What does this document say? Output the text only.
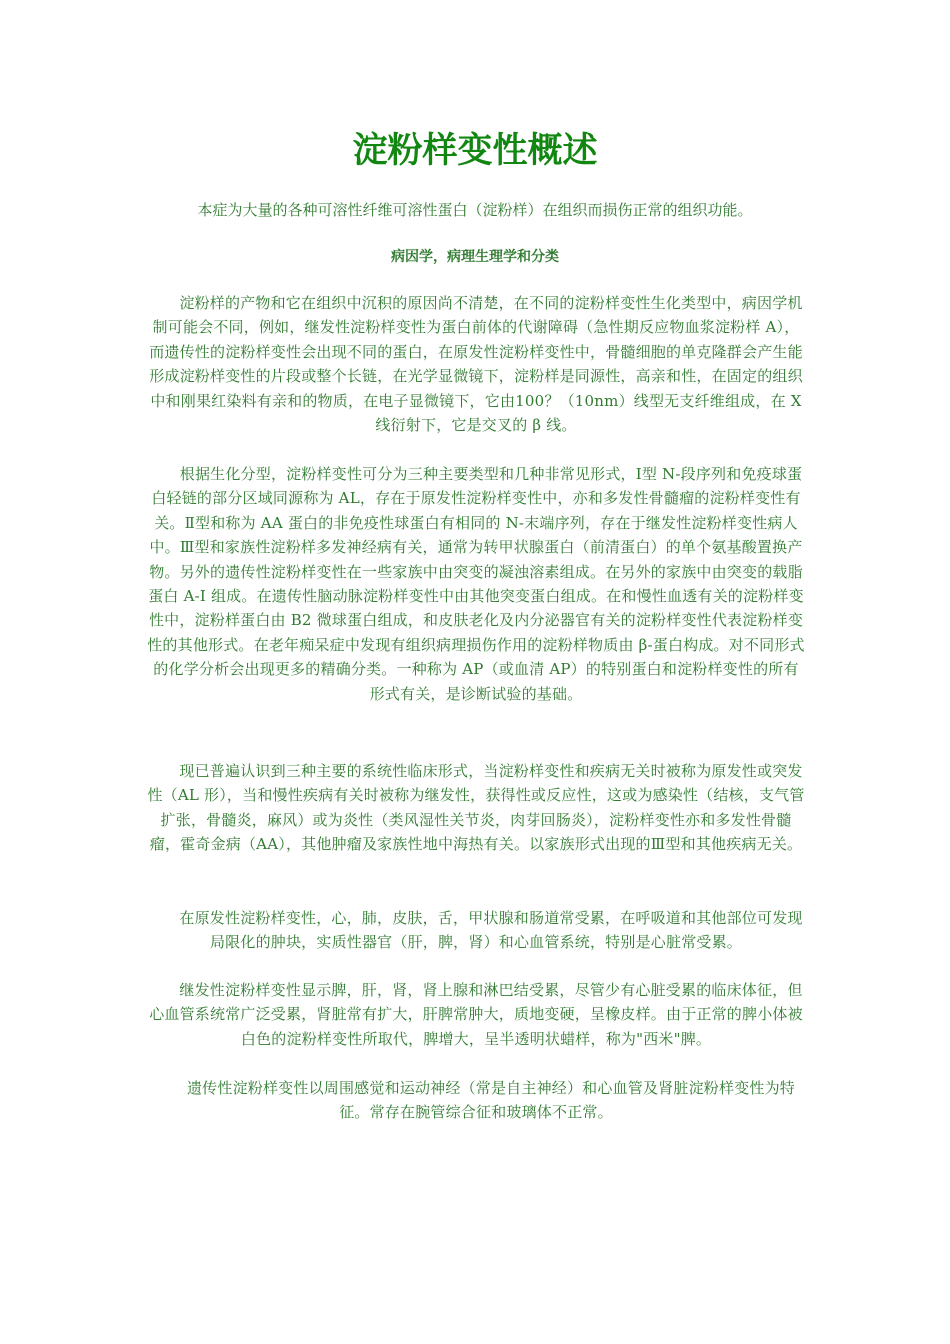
淀粉样变性概述

本症为大量的各种可溶性纤维可溶性蛋白（淀粉样）在组织而损伤正常的组织功能。

病因学，病理生理学和分类

淀粉样的产物和它在组织中沉积的原因尚不清楚，在不同的淀粉样变性生化类型中，病因学机制可能会不同，例如，继发性淀粉样变性为蛋白前体的代谢障碍（急性期反应物血浆淀粉样 A），而遗传性的淀粉样变性会出现不同的蛋白，在原发性淀粉样变性中，骨髓细胞的单克隆群会产生能形成淀粉样变性的片段或整个长链，在光学显微镜下，淀粉样是同源性，高亲和性，在固定的组织中和刚果红染料有亲和的物质，在电子显微镜下，它由100？（10nm）线型无支纤维组成，在 X 线衍射下，它是交叉的 β 线。

根据生化分型，淀粉样变性可分为三种主要类型和几种非常见形式，Ⅰ型 N-段序列和免疫球蛋白轻链的部分区域同源称为 AL，存在于原发性淀粉样变性中，亦和多发性骨髓瘤的淀粉样变性有关。Ⅱ型和称为 AA 蛋白的非免疫性球蛋白有相同的 N-末端序列，存在于继发性淀粉样变性病人中。Ⅲ型和家族性淀粉样多发神经病有关，通常为转甲状腺蛋白（前清蛋白）的单个氨基酸置换产物。另外的遗传性淀粉样变性在一些家族中由突变的凝浊溶素组成。在另外的家族中由突变的载脂蛋白 A-I 组成。在遗传性脑动脉淀粉样变性中由其他突变蛋白组成。在和慢性血透有关的淀粉样变性中，淀粉样蛋白由 B2 微球蛋白组成，和皮肤老化及内分泌器官有关的淀粉样变性代表淀粉样变性的其他形式。在老年痴呆症中发现有组织病理损伤作用的淀粉样物质由 β-蛋白构成。对不同形式的化学分析会出现更多的精确分类。一种称为 AP（或血清 AP）的特别蛋白和淀粉样变性的所有形式有关，是诊断试验的基础。

现已普遍认识到三种主要的系统性临床形式，当淀粉样变性和疾病无关时被称为原发性或突发性（AL 形），当和慢性疾病有关时被称为继发性，获得性或反应性，这或为感染性（结核，支气管扩张，骨髓炎，麻风）或为炎性（类风湿性关节炎，肉芽回肠炎），淀粉样变性亦和多发性骨髓瘤，霍奇金病（AA），其他肿瘤及家族性地中海热有关。以家族形式出现的Ⅲ型和其他疾病无关。

在原发性淀粉样变性，心，肺，皮肤，舌，甲状腺和肠道常受累，在呼吸道和其他部位可发现局限化的肿块，实质性器官（肝，脾，肾）和心血管系统，特别是心脏常受累。

继发性淀粉样变性显示脾，肝，肾，肾上腺和淋巴结受累，尽管少有心脏受累的临床体征，但心血管系统常广泛受累，肾脏常有扩大，肝脾常肿大，质地变硬，呈橡皮样。由于正常的脾小体被白色的淀粉样变性所取代，脾增大，呈半透明状蜡样，称为"西米"脾。

遗传性淀粉样变性以周围感觉和运动神经（常是自主神经）和心血管及肾脏淀粉样变性为特征。常存在腕管综合征和玻璃体不正常。
